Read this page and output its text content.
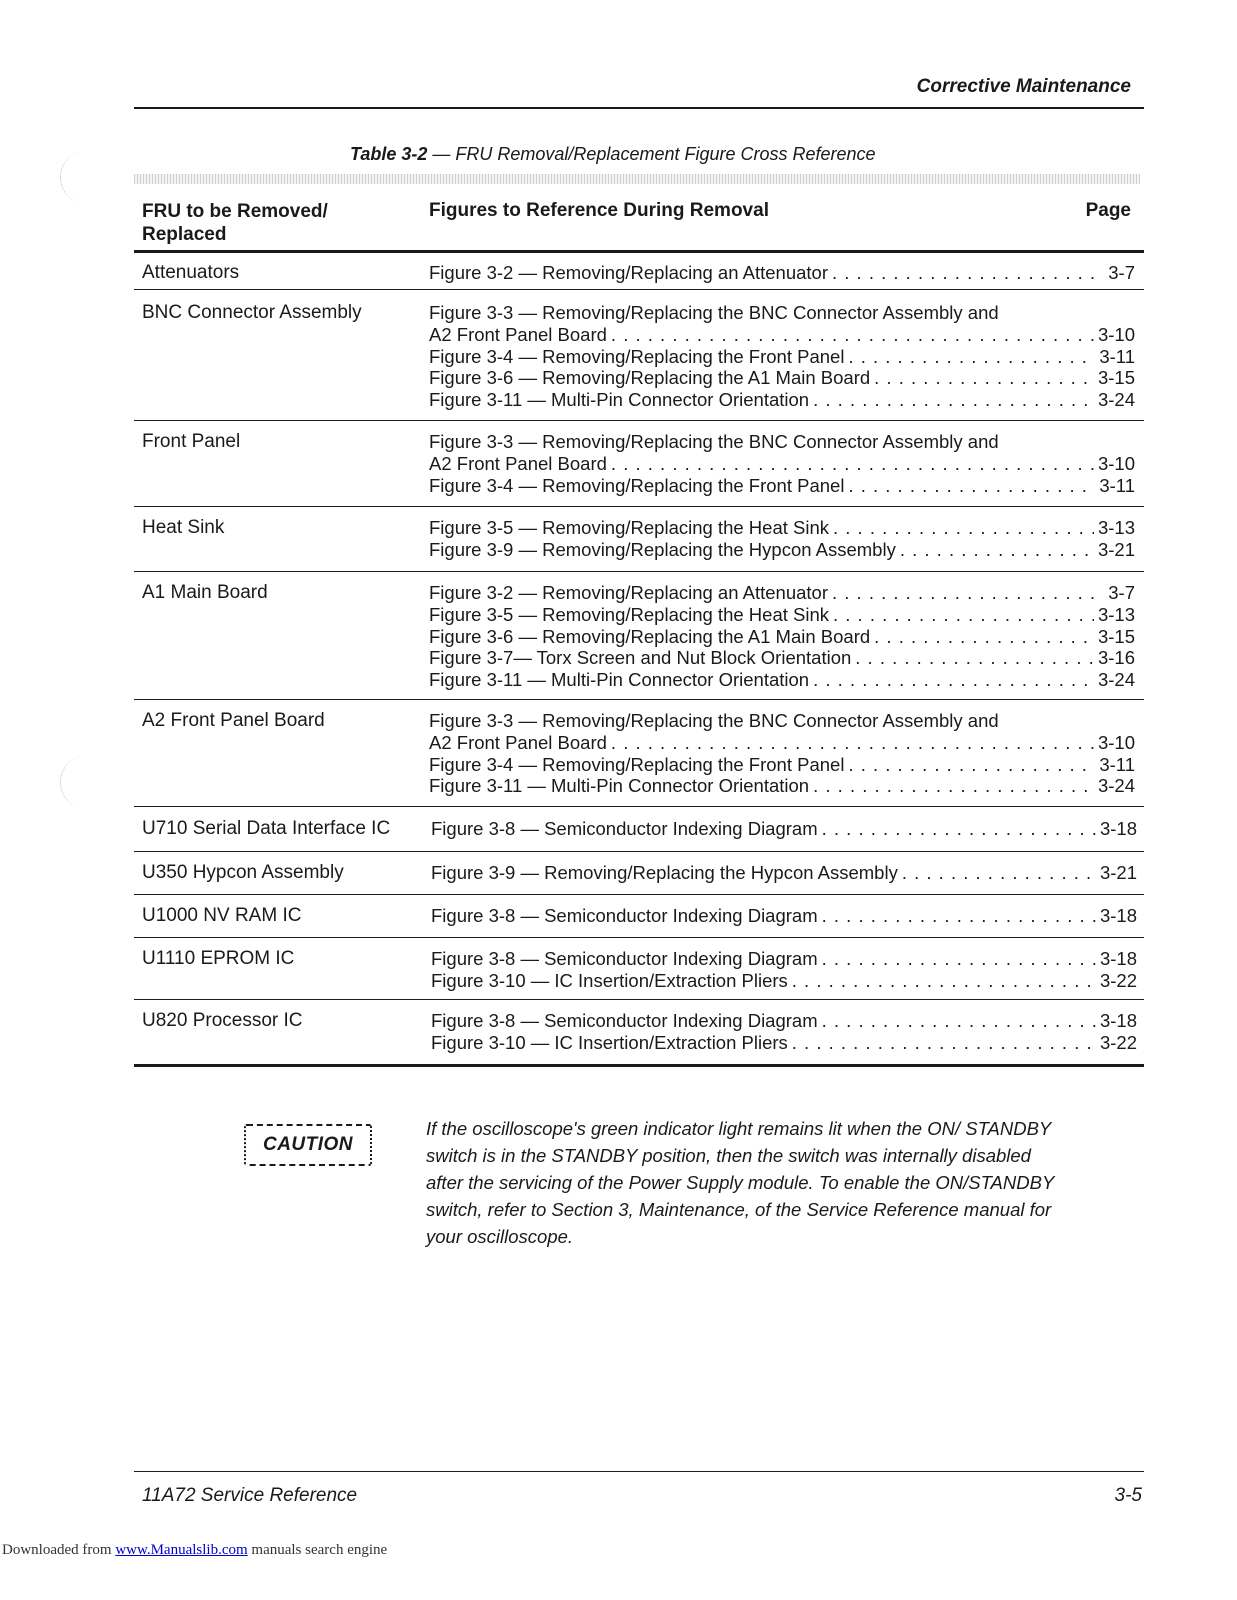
Corrective Maintenance
Table 3-2 — FRU Removal/Replacement Figure Cross Reference
FRU to be Removed/ Replaced
Figures to Reference During Removal	Page
Attenuators	Figure 3-2 — Removing/Replacing an Attenuator . . .	3-7
BNC Connector Assembly	Figure 3-3 — Removing/Replacing the BNC Connector Assembly and
A2 Front Panel Board . . .	3-10
Figure 3-4 — Removing/Replacing the Front Panel . . .	3-11
Figure 3-6 — Removing/Replacing the A1 Main Board . . .	3-15
Figure 3-11 — Multi-Pin Connector Orientation . . .	3-24
Front Panel	Figure 3-3 — Removing/Replacing the BNC Connector Assembly and
A2 Front Panel Board . . .	3-10
Figure 3-4 — Removing/Replacing the Front Panel . . .	3-11
Heat Sink	Figure 3-5 — Removing/Replacing the Heat Sink . . .	3-13
Figure 3-9 — Removing/Replacing the Hypcon Assembly . . .	3-21
A1 Main Board	Figure 3-2 — Removing/Replacing an Attenuator . . .	3-7
Figure 3-5 — Removing/Replacing the Heat Sink . . .	3-13
Figure 3-6 — Removing/Replacing the A1 Main Board . . .	3-15
Figure 3-7— Torx Screen and Nut Block Orientation . . .	3-16
Figure 3-11 — Multi-Pin Connector Orientation . . .	3-24
A2 Front Panel Board	Figure 3-3 — Removing/Replacing the BNC Connector Assembly and
A2 Front Panel Board . . .	3-10
Figure 3-4 — Removing/Replacing the Front Panel . . .	3-11
Figure 3-11 — Multi-Pin Connector Orientation . . .	3-24
U710 Serial Data Interface IC Figure 3-8 — Semiconductor Indexing Diagram . . .	3-18
U350 Hypcon Assembly	Figure 3-9 — Removing/Replacing the Hypcon Assembly . . .	3-21
U1000 NV RAM IC	Figure 3-8 — Semiconductor Indexing Diagram . . .	3-18
U1110 EPROM IC	Figure 3-8 — Semiconductor Indexing Diagram . . .	3-18
Figure 3-10 — IC Insertion/Extraction Pliers . . .	3-22
U820 Processor IC	Figure 3-8 — Semiconductor Indexing Diagram . . .	3-18
Figure 3-10 — IC Insertion/Extraction Pliers . . .	3-22
CAUTION
If the oscilloscope's green indicator light remains lit when the ON/ STANDBY switch is in the STANDBY position, then the switch was internally disabled after the servicing of the Power Supply module. To enable the ON/STANDBY switch, refer to Section 3, Maintenance, of the Service Reference manual for your oscilloscope.
11A72 Service Reference	3-5
Downloaded from www.Manualslib.com manuals search engine
